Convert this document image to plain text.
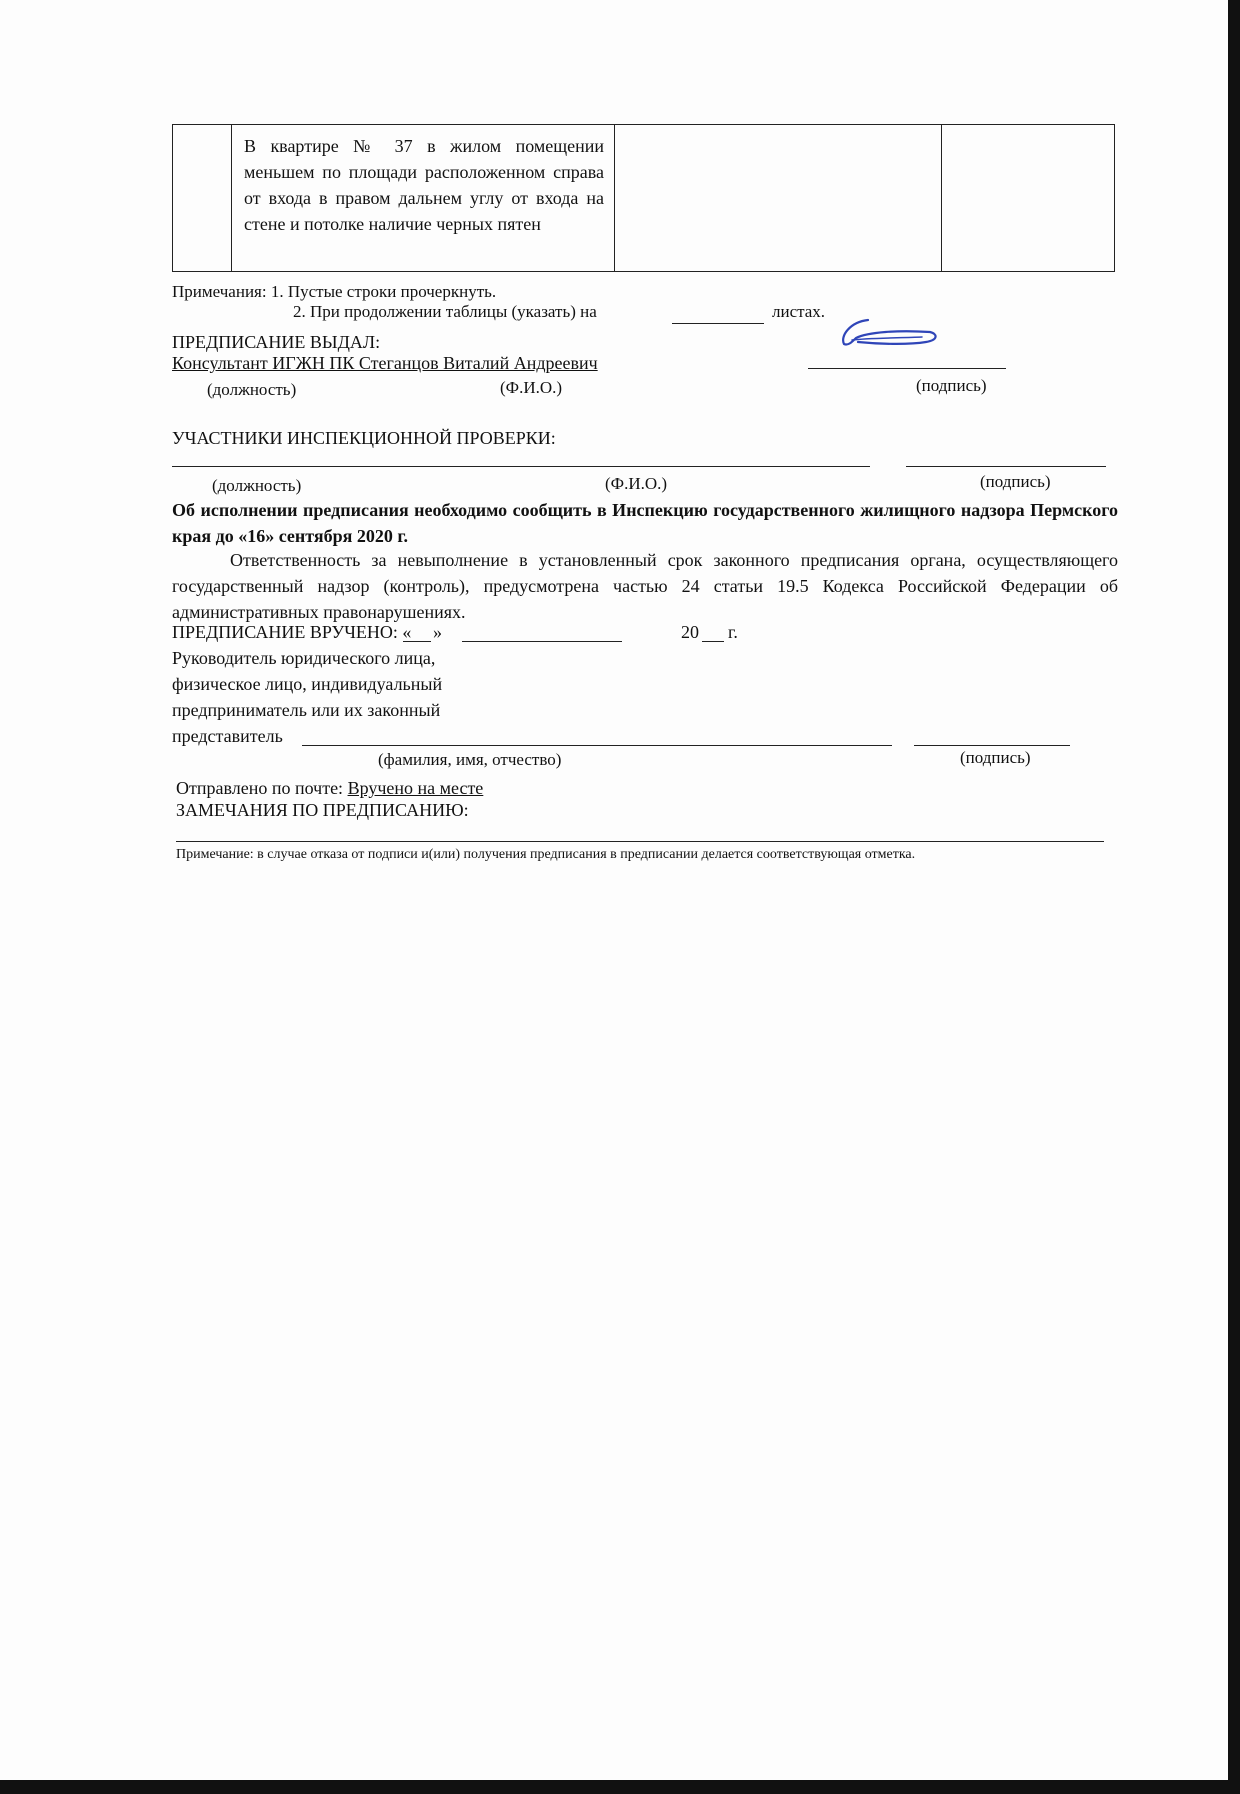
В квартире № 37 в жилом помещении меньшем по площади расположенном справа от входа в правом дальнем углу от входа на стене и потолке наличие черных пятен

Примечания: 1. Пустые строки прочеркнуть.
2. При продолжении таблицы (указать) на	листах.
ПРЕДПИСАНИЕ ВЫДАЛ:
Консультант ИГЖН ПК Стеганцов Виталий Андреевич
(должность)	(Ф.И.О.)	(подпись)
УЧАСТНИКИ ИНСПЕКЦИОННОЙ ПРОВЕРКИ:
(должность)	(Ф.И.О.)	(подпись)
Об исполнении предписания необходимо сообщить в Инспекцию государственного жилищного надзора Пермского края до «16» сентября 2020 г.
Ответственность за невыполнение в установленный срок законного предписания органа, осуществляющего государственный надзор (контроль), предусмотрена частью 24 статьи 19.5 Кодекса Российской Федерации об административных правонарушениях.
ПРЕДПИСАНИЕ ВРУЧЕНО: « »	20 г.
Руководитель юридического лица,
физическое лицо, индивидуальный
предприниматель или их законный
представитель
(фамилия, имя, отчество)	(подпись)
Отправлено по почте: Вручено на месте
ЗАМЕЧАНИЯ ПО ПРЕДПИСАНИЮ:
Примечание: в случае отказа от подписи и(или) получения предписания в предписании делается соответствующая отметка.
